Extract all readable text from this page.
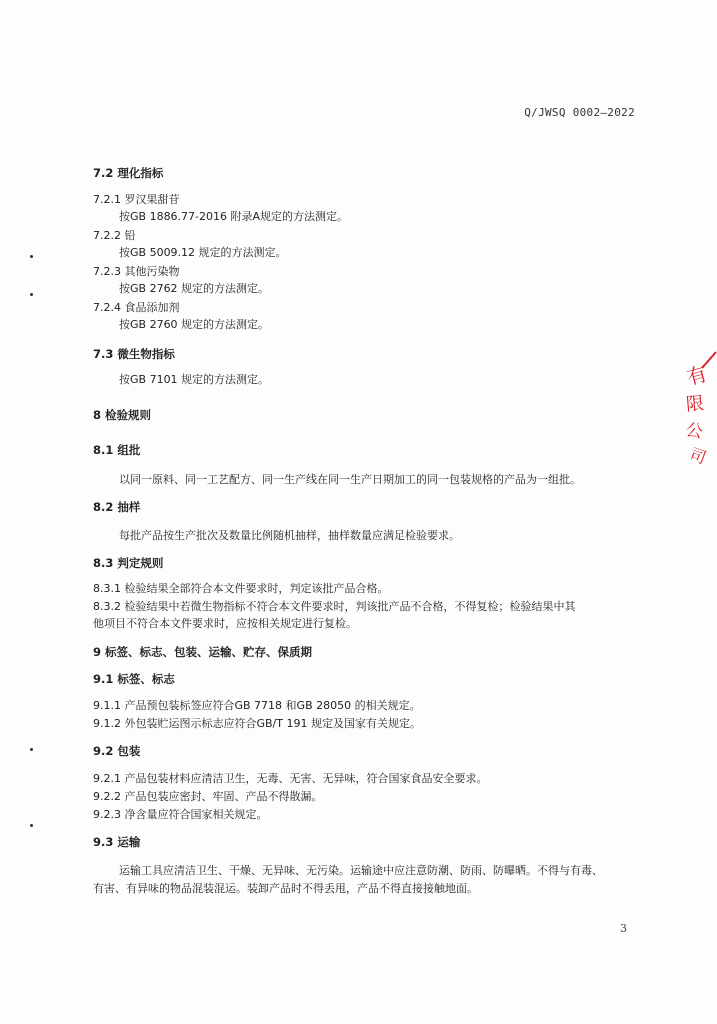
Q/JWSQ 0002—2022
7.2 理化指标
7.2.1 罗汉果甜苷
按GB 1886.77-2016 附录A规定的方法测定。
7.2.2 铅
按GB 5009.12 规定的方法测定。
7.2.3 其他污染物
按GB 2762 规定的方法测定。
7.2.4 食品添加剂
按GB 2760 规定的方法测定。
7.3 微生物指标
按GB 7101 规定的方法测定。
8 检验规则
8.1 组批
以同一原料、同一工艺配方、同一生产线在同一生产日期加工的同一包装规格的产品为一组批。
8.2 抽样
每批产品按生产批次及数量比例随机抽样，抽样数量应满足检验要求。
8.3 判定规则
8.3.1 检验结果全部符合本文件要求时，判定该批产品合格。
8.3.2 检验结果中若微生物指标不符合本文件要求时，判该批产品不合格，不得复检；检验结果中其
他项目不符合本文件要求时，应按相关规定进行复检。
9 标签、标志、包装、运输、贮存、保质期
9.1 标签、标志
9.1.1 产品预包装标签应符合GB 7718 和GB 28050 的相关规定。
9.1.2 外包装贮运图示标志应符合GB/T 191 规定及国家有关规定。
9.2 包装
9.2.1 产品包装材料应清洁卫生，无毒、无害、无异味，符合国家食品安全要求。
9.2.2 产品包装应密封、牢固、产品不得散漏。
9.2.3 净含量应符合国家相关规定。
9.3 运输
运输工具应清洁卫生、干燥、无异味、无污染。运输途中应注意防潮、防雨、防曝晒。不得与有毒、
有害、有异味的物品混装混运。装卸产品时不得丢甩，产品不得直接接触地面。
3
有
限
公
司
